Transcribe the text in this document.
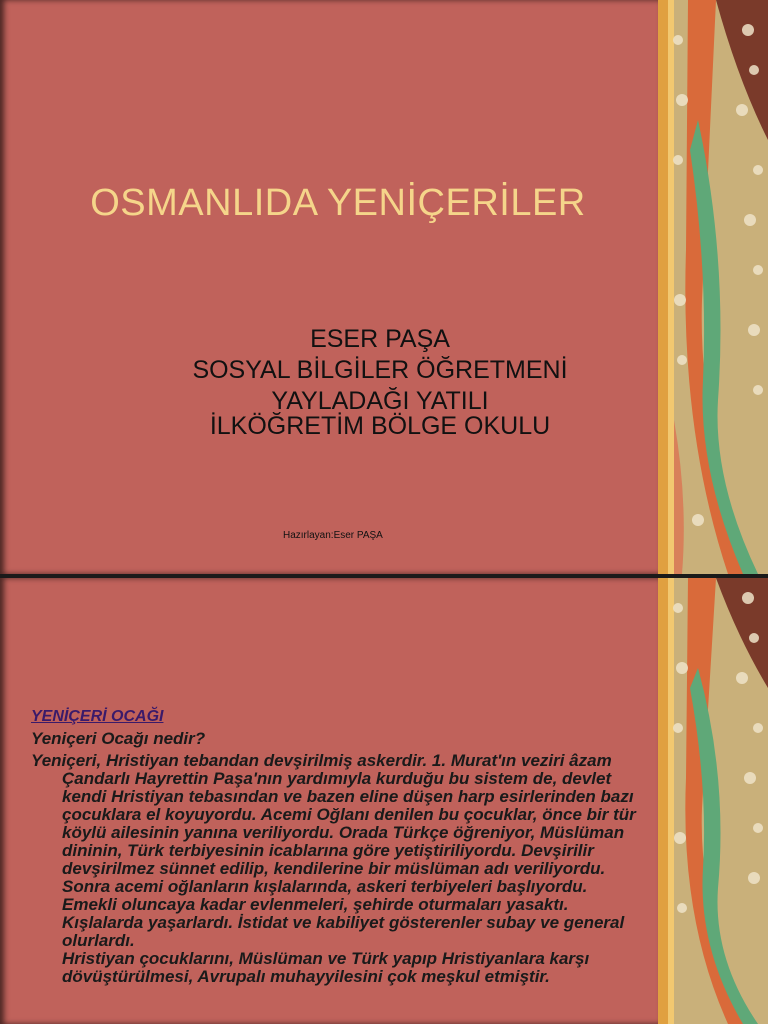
OSMANLIDA YENİÇERİLER
ESER PAŞA
SOSYAL BİLGİLER ÖĞRETMENİ
YAYLADAĞI YATILI
İLKÖĞRETİM BÖLGE OKULU
Hazırlayan:Eser PAŞA
YENİÇERİ OCAĞI
Yeniçeri Ocağı nedir?
Yeniçeri, Hristiyan tebandan devşirilmiş askerdir. 1. Murat'ın veziri âzam Çandarlı Hayrettin Paşa'nın yardımıyla kurduğu bu sistem de, devlet kendi Hristiyan tebasından ve bazen eline düşen harp esirlerinden bazı çocuklara el koyuyordu. Acemi Oğlanı denilen bu çocuklar, önce bir tür köylü ailesinin yanına veriliyordu. Orada Türkçe öğreniyor, Müslüman dininin, Türk terbiyesinin icablarına göre yetiştiriliyordu. Devşirilir devşirilmez sünnet edilip, kendilerine bir müslüman adı veriliyordu. Sonra acemi oğlanların kışlalarında, askeri terbiyeleri başlıyordu. Emekli oluncaya kadar evlenmeleri, şehirde oturmaları yasaktı. Kışlalarda yaşarlardı. İstidat ve kabiliyet gösterenler subay ve general olurlardı.
Hristiyan çocuklarını, Müslüman ve Türk yapıp Hristiyanlara karşı dövüştürülmesi, Avrupalı muhayyilesini çok meşkul etmiştir.
